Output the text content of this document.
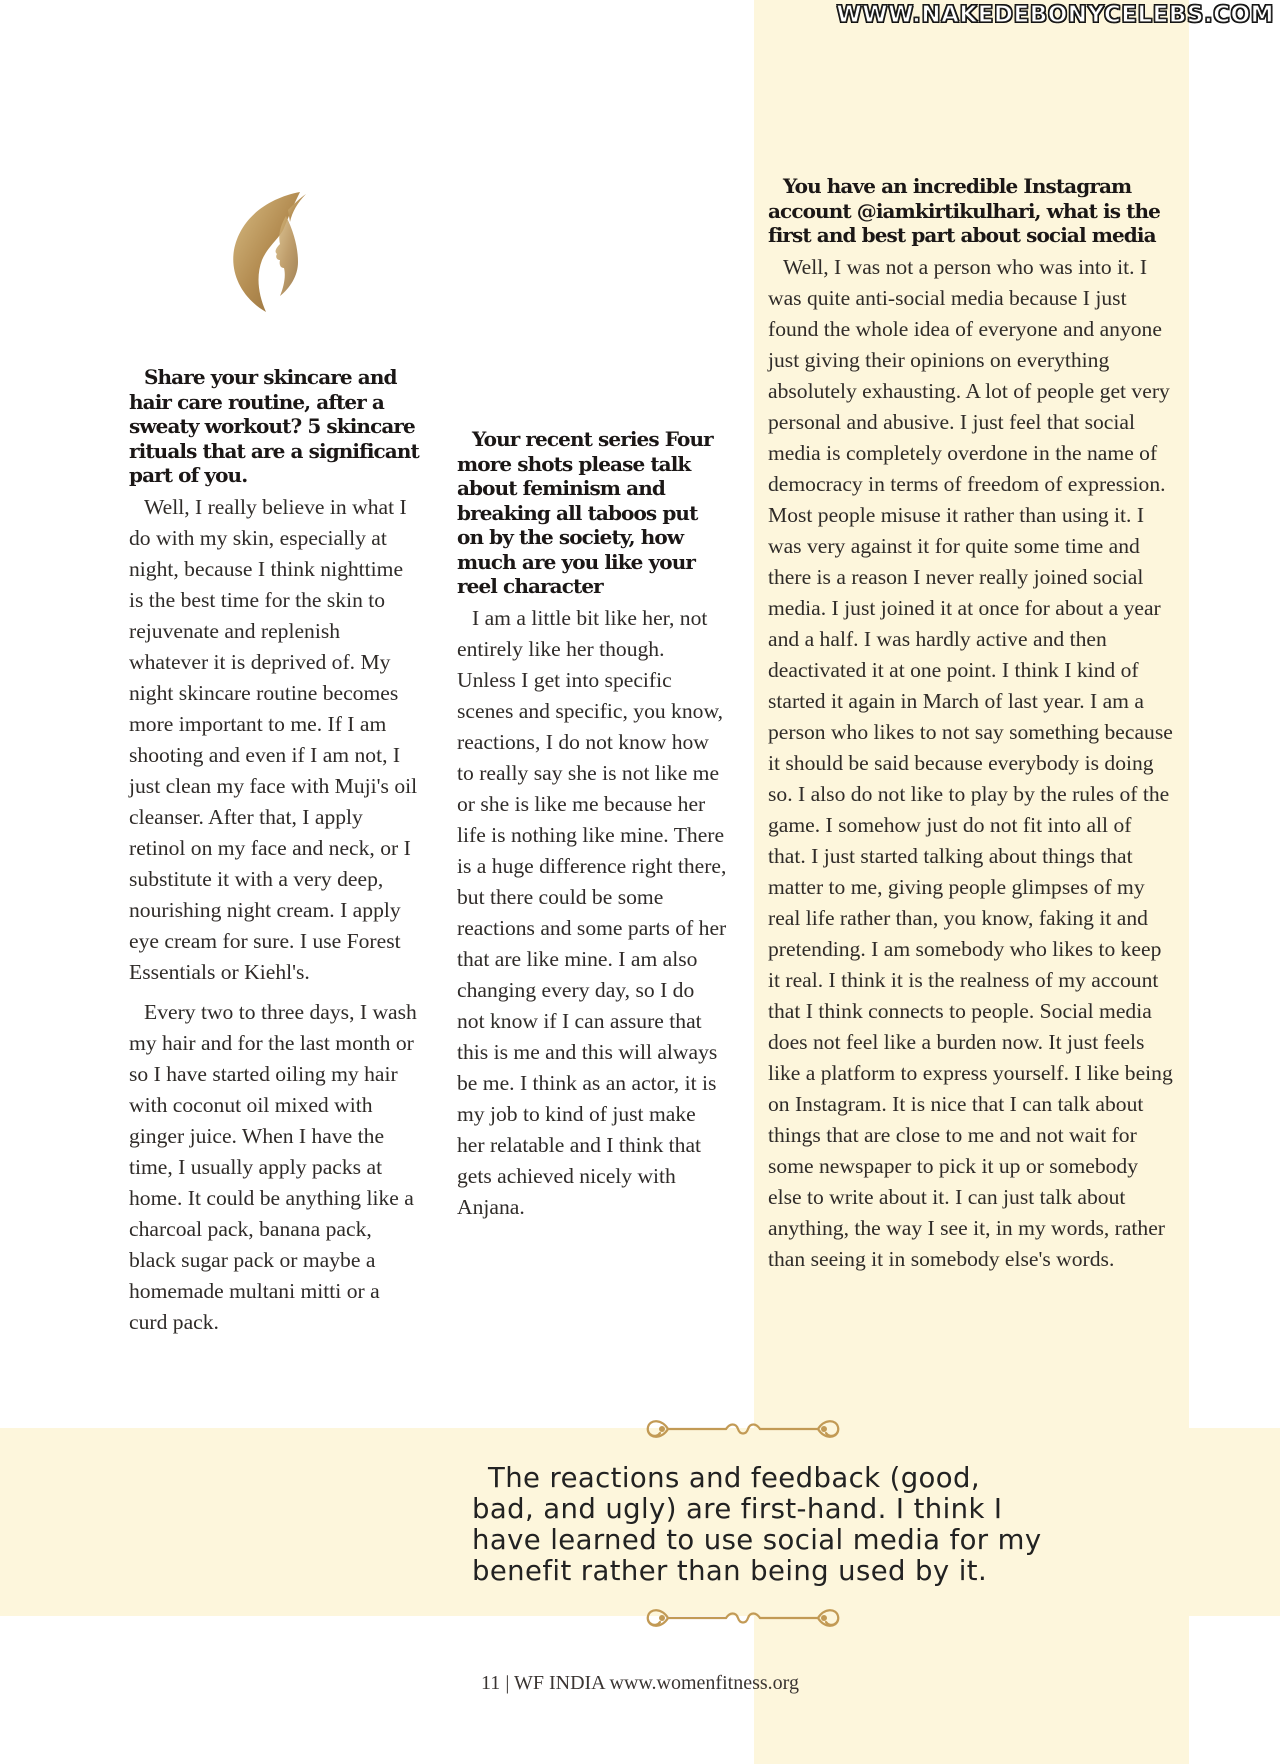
WWW.NAKEDEBONYCELEBS.COM

Share your skincare and hair care routine, after a sweaty workout? 5 skincare rituals that are a significant part of you.

Well, I really believe in what I do with my skin, especially at night, because I think nighttime is the best time for the skin to rejuvenate and replenish whatever it is deprived of. My night skincare routine becomes more important to me. If I am shooting and even if I am not, I just clean my face with Muji's oil cleanser. After that, I apply retinol on my face and neck, or I substitute it with a very deep, nourishing night cream. I apply eye cream for sure. I use Forest Essentials or Kiehl's.

Every two to three days, I wash my hair and for the last month or so I have started oiling my hair with coconut oil mixed with ginger juice. When I have the time, I usually apply packs at home. It could be anything like a charcoal pack, banana pack, black sugar pack or maybe a homemade multani mitti or a curd pack.

Your recent series Four more shots please talk about feminism and breaking all taboos put on by the society, how much are you like your reel character

I am a little bit like her, not entirely like her though. Unless I get into specific scenes and specific, you know, reactions, I do not know how to really say she is not like me or she is like me because her life is nothing like mine. There is a huge difference right there, but there could be some reactions and some parts of her that are like mine. I am also changing every day, so I do not know if I can assure that this is me and this will always be me. I think as an actor, it is my job to kind of just make her relatable and I think that gets achieved nicely with Anjana.

You have an incredible Instagram account @iamkirtikulhari, what is the first and best part about social media

Well, I was not a person who was into it. I was quite anti-social media because I just found the whole idea of everyone and anyone just giving their opinions on everything absolutely exhausting. A lot of people get very personal and abusive. I just feel that social media is completely overdone in the name of democracy in terms of freedom of expression. Most people misuse it rather than using it. I was very against it for quite some time and there is a reason I never really joined social media. I just joined it at once for about a year and a half. I was hardly active and then deactivated it at one point. I think I kind of started it again in March of last year. I am a person who likes to not say something because it should be said because everybody is doing so. I also do not like to play by the rules of the game. I somehow just do not fit into all of that. I just started talking about things that matter to me, giving people glimpses of my real life rather than, you know, faking it and pretending. I am somebody who likes to keep it real. I think it is the realness of my account that I think connects to people. Social media does not feel like a burden now. It just feels like a platform to express yourself. I like being on Instagram. It is nice that I can talk about things that are close to me and not wait for some newspaper to pick it up or somebody else to write about it. I can just talk about anything, the way I see it, in my words, rather than seeing it in somebody else's words.

The reactions and feedback (good,
bad, and ugly) are first-hand. I think I
have learned to use social media for my
benefit rather than being used by it.
11 | WF INDIA www.womenfitness.org
